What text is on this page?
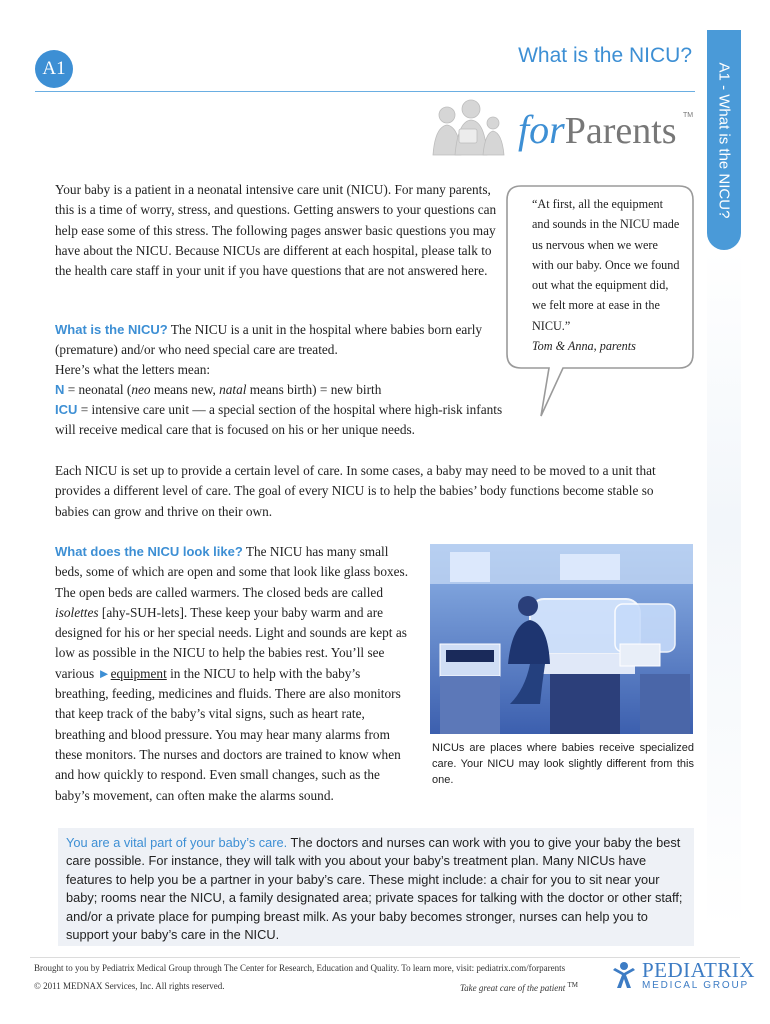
A1 - What is the NICU?
A1
What is the NICU?
forParents TM

Your baby is a patient in a neonatal intensive care unit (NICU). For many parents, this is a time of worry, stress, and questions. Getting answers to your questions can help ease some of this stress. The following pages answer basic questions you may have about the NICU. Because NICUs are different at each hospital, please talk to the health care staff in your unit if you have questions that are not answered here.

What is the NICU? The NICU is a unit in the hospital where babies born early (premature) and/or who need special care are treated.

Here’s what the letters mean:

N = neonatal (neo means new, natal means birth) = new birth

ICU = intensive care unit — a special section of the hospital where high-risk infants will receive medical care that is focused on his or her unique needs.

“At first, all the equipment and sounds in the NICU made us nervous when we were with our baby. Once we found out what the equipment did, we felt more at ease in the NICU.”
Tom & Anna, parents

Each NICU is set up to provide a certain level of care. In some cases, a baby may need to be moved to a unit that provides a different level of care. The goal of every NICU is to help the babies’ body functions become stable so babies can grow and thrive on their own.

What does the NICU look like? The NICU has many small beds, some of which are open and some that look like glass boxes. The open beds are called warmers. The closed beds are called isolettes [ahy-SUH-lets]. These keep your baby warm and are designed for his or her special needs. Light and sounds are kept as low as possible in the NICU to help the babies rest. You’ll see various ►equipment in the NICU to help with the baby’s breathing, feeding, medicines and fluids. There are also monitors that keep track of the baby’s vital signs, such as heart rate, breathing and blood pressure. You may hear many alarms from these monitors. The nurses and doctors are trained to know when and how quickly to respond. Even small changes, such as the baby’s movement, can often make the alarms sound.

NICUs are places where babies receive specialized care. Your NICU may look slightly different from this one.

You are a vital part of your baby’s care. The doctors and nurses can work with you to give your baby the best care possible. For instance, they will talk with you about your baby’s treatment plan. Many NICUs have features to help you be a partner in your baby’s care. These might include: a chair for you to sit near your baby; rooms near the NICU, a family designated area; private spaces for talking with the doctor or other staff; and/or a private place for pumping breast milk. As your baby becomes stronger, nurses can help you to support your baby’s care in the NICU.

Brought to you by Pediatrix Medical Group through The Center for Research, Education and Quality. To learn more, visit: pediatrix.com/forparents
© 2011 MEDNAX Services, Inc. All rights reserved.	Take great care of the patient ™
PEDIATRIX
MEDICAL GROUP
